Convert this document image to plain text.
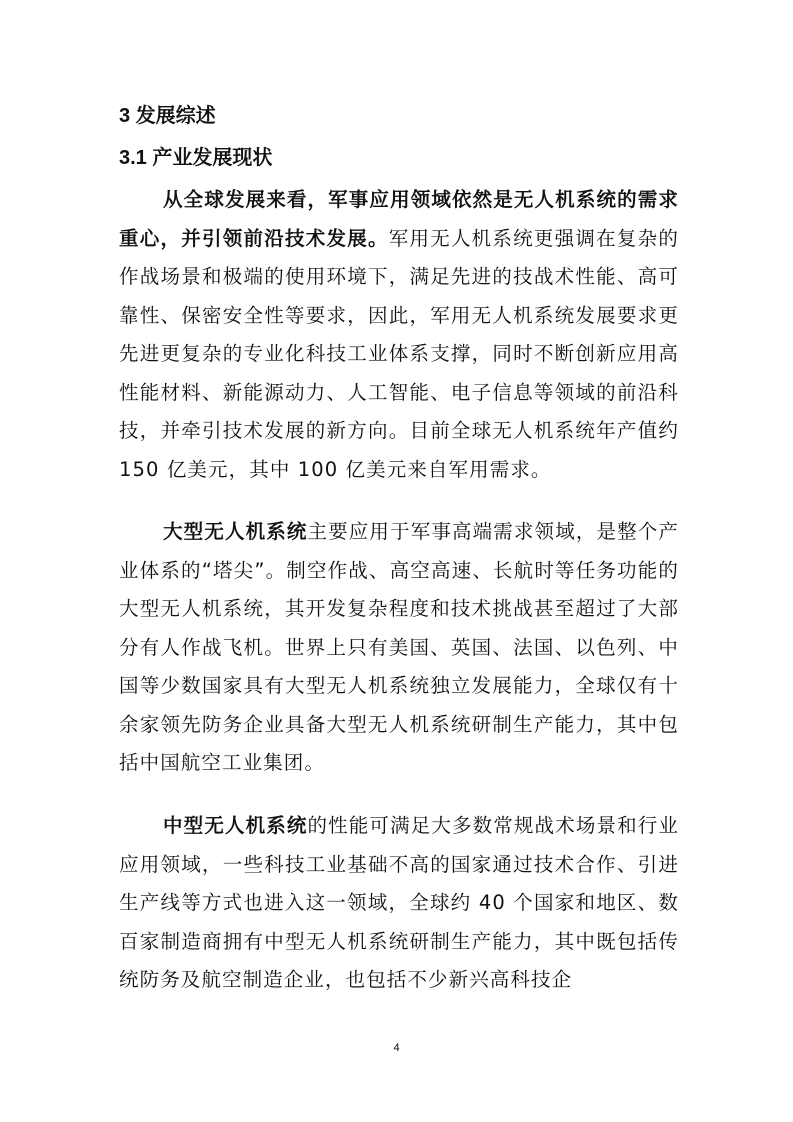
3 发展综述
3.1 产业发展现状

从全球发展来看，军事应用领域依然是无人机系统的需求重心，并引领前沿技术发展。军用无人机系统更强调在复杂的作战场景和极端的使用环境下，满足先进的技战术性能、高可靠性、保密安全性等要求，因此，军用无人机系统发展要求更先进更复杂的专业化科技工业体系支撑，同时不断创新应用高性能材料、新能源动力、人工智能、电子信息等领域的前沿科技，并牵引技术发展的新方向。目前全球无人机系统年产值约 150 亿美元，其中 100 亿美元来自军用需求。

大型无人机系统主要应用于军事高端需求领域，是整个产业体系的“塔尖”。制空作战、高空高速、长航时等任务功能的大型无人机系统，其开发复杂程度和技术挑战甚至超过了大部分有人作战飞机。世界上只有美国、英国、法国、以色列、中国等少数国家具有大型无人机系统独立发展能力，全球仅有十余家领先防务企业具备大型无人机系统研制生产能力，其中包括中国航空工业集团。

中型无人机系统的性能可满足大多数常规战术场景和行业应用领域，一些科技工业基础不高的国家通过技术合作、引进生产线等方式也进入这一领域，全球约 40 个国家和地区、数百家制造商拥有中型无人机系统研制生产能力，其中既包括传统防务及航空制造企业，也包括不少新兴高科技企

4
